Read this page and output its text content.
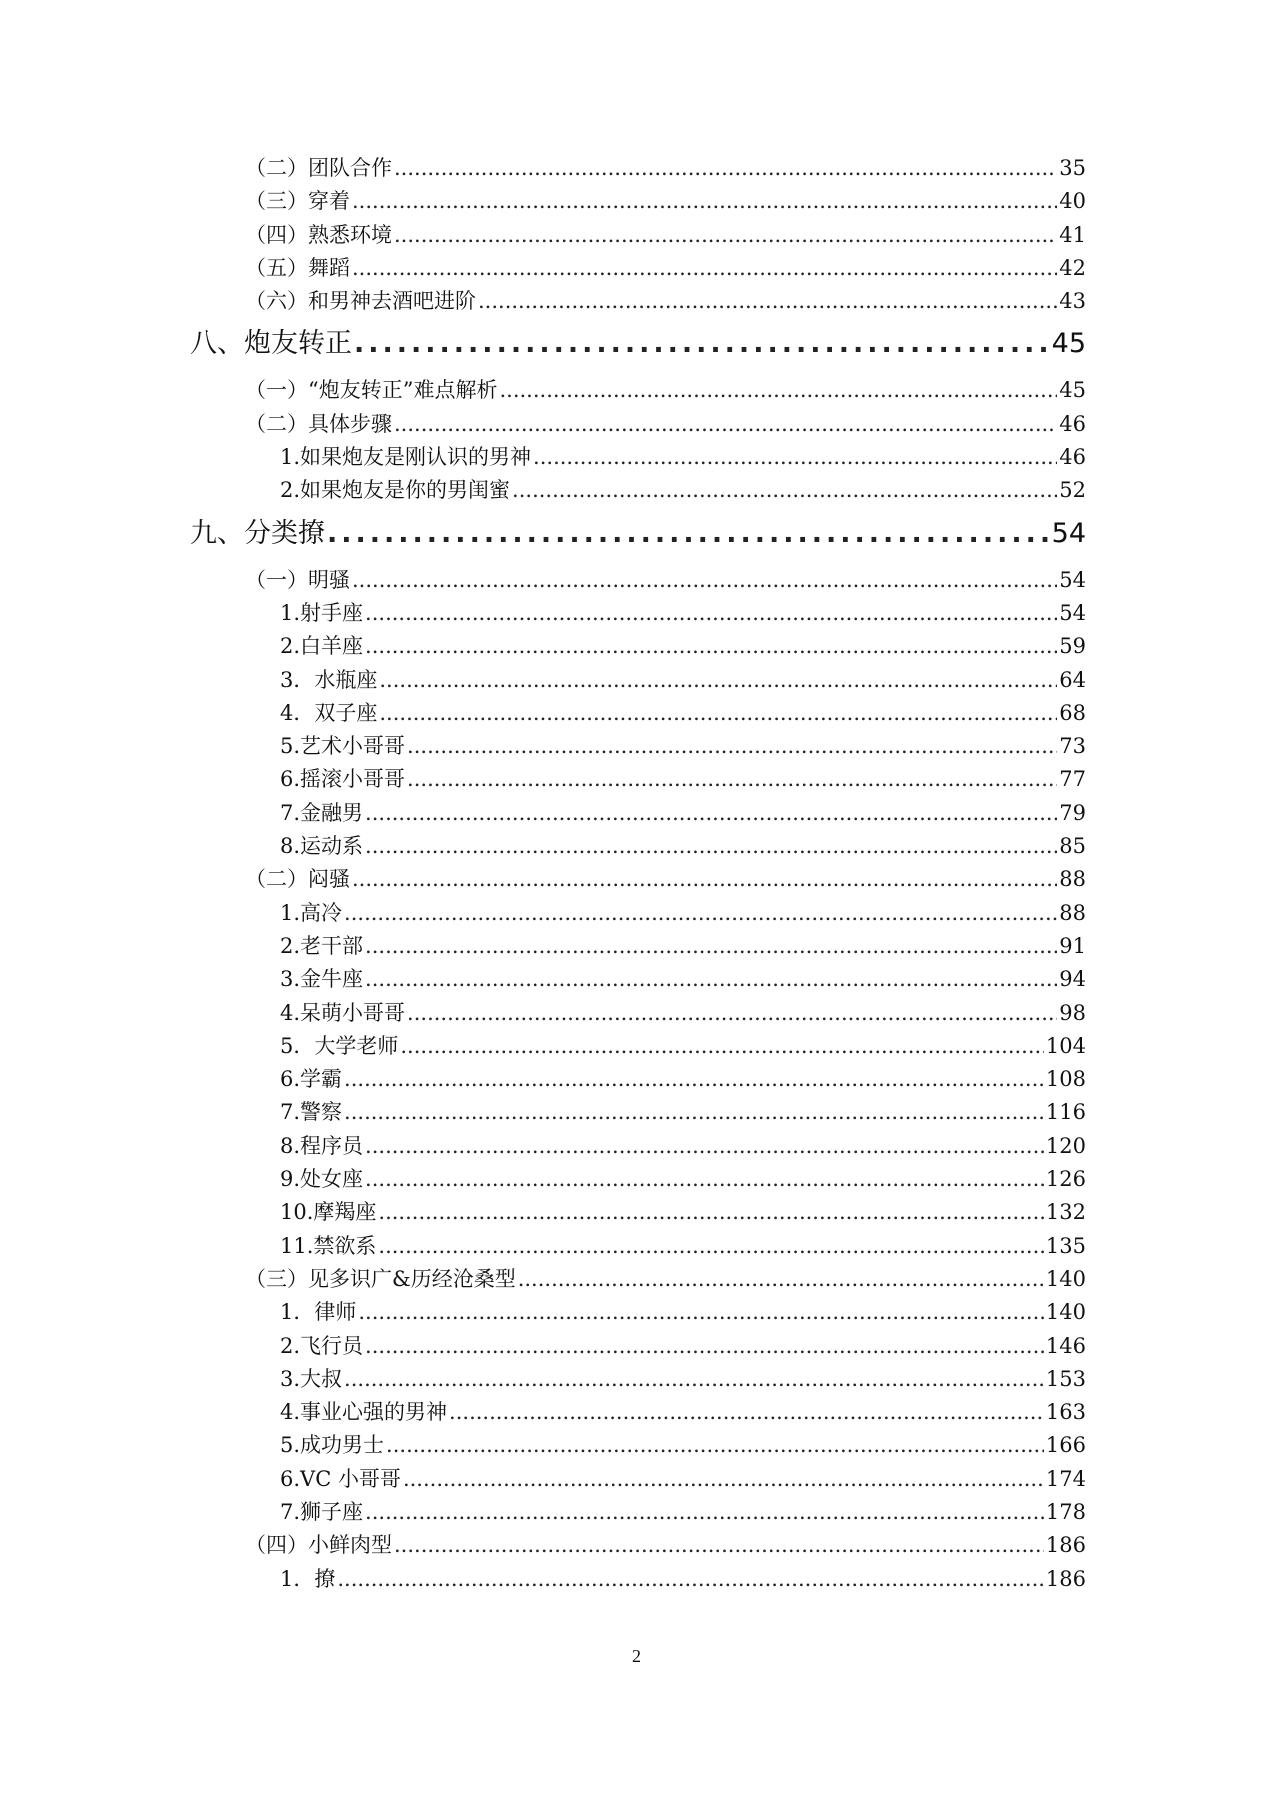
（二）团队合作 .....	35
（三）穿着 .....	40
（四）熟悉环境 .....	41
（五）舞蹈 .....	42
（六）和男神去酒吧进阶 .....	43
八、炮友转正 .....	45
（一）“炮友转正”难点解析 .....	45
（二）具体步骤 .....	46
1.如果炮友是刚认识的男神 .....	46
2.如果炮友是你的男闺蜜 .....	52
九、分类撩 .....	54
（一）明骚 .....	54
1.射手座 .....	54
2.白羊座 .....	59
3．水瓶座 .....	64
4．双子座 .....	68
5.艺术小哥哥 .....	73
6.摇滚小哥哥 .....	77
7.金融男 .....	79
8.运动系 .....	85
（二）闷骚 .....	88
1.高冷 .....	88
2.老干部 .....	91
3.金牛座 .....	94
4.呆萌小哥哥 .....	98
5．大学老师 .....	104
6.学霸 .....	108
7.警察 .....	116
8.程序员 .....	120
9.处女座 .....	126
10.摩羯座 .....	132
11.禁欲系 .....	135
（三）见多识广&历经沧桑型 .....	140
1．律师 .....	140
2.飞行员 .....	146
3.大叔 .....	153
4.事业心强的男神 .....	163
5.成功男士 .....	166
6.VC 小哥哥 .....	174
7.狮子座 .....	178
（四）小鲜肉型 .....	186
1．撩 .....	186
2
